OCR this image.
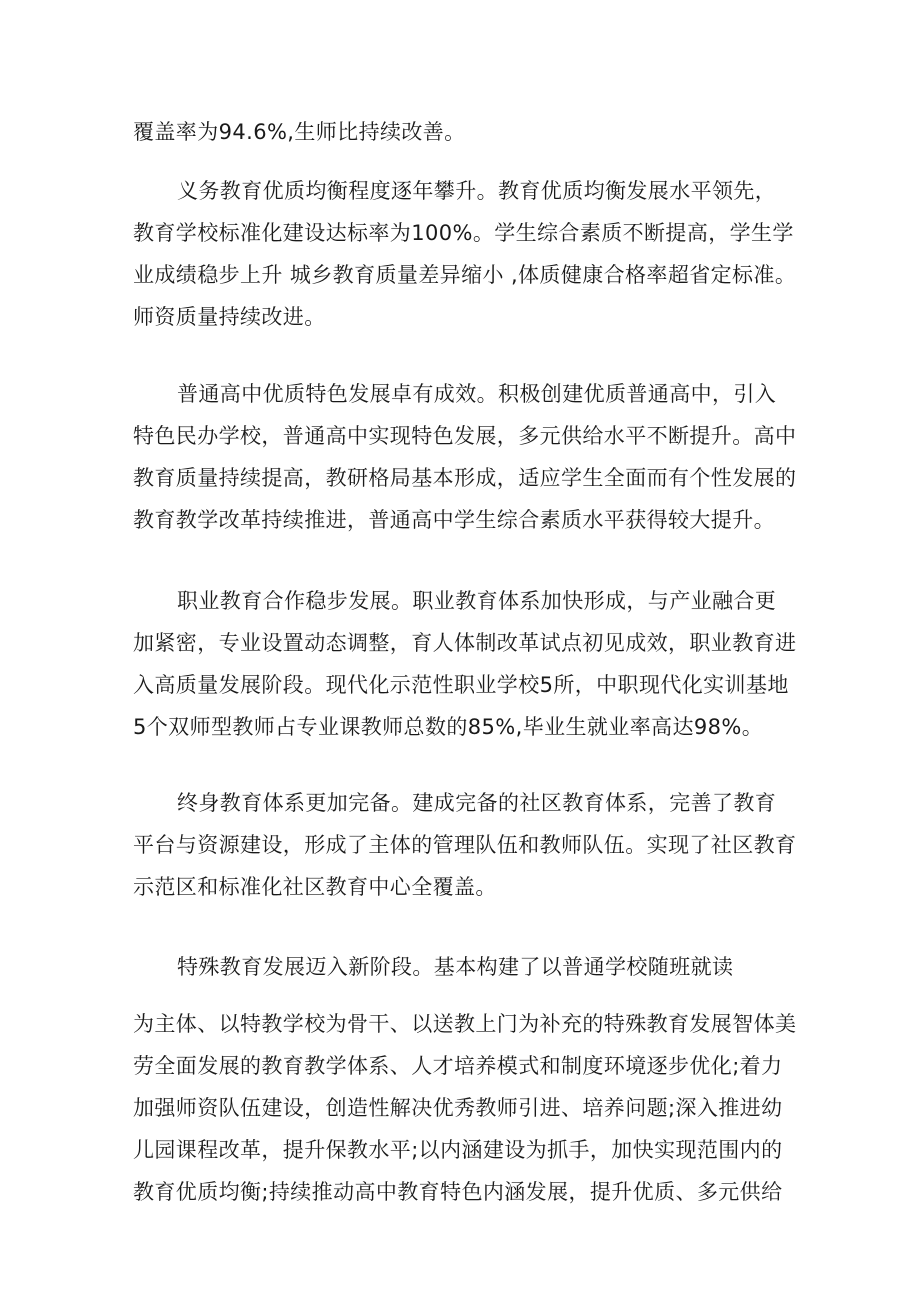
覆盖率为94.6%,生师比持续改善。

义务教育优质均衡程度逐年攀升。教育优质均衡发展水平领先，
教育学校标准化建设达标率为100%。学生综合素质不断提高，学生学
业成绩稳步上升 城乡教育质量差异缩小 ,体质健康合格率超省定标准。
师资质量持续改进。

普通高中优质特色发展卓有成效。积极创建优质普通高中，引入
特色民办学校，普通高中实现特色发展，多元供给水平不断提升。高中
教育质量持续提高，教研格局基本形成，适应学生全面而有个性发展的
教育教学改革持续推进，普通高中学生综合素质水平获得较大提升。

职业教育合作稳步发展。职业教育体系加快形成，与产业融合更
加紧密，专业设置动态调整，育人体制改革试点初见成效，职业教育进
入高质量发展阶段。现代化示范性职业学校5所，中职现代化实训基地
5个双师型教师占专业课教师总数的85%,毕业生就业率高达98%。

终身教育体系更加完备。建成完备的社区教育体系，完善了教育
平台与资源建设，形成了主体的管理队伍和教师队伍。实现了社区教育
示范区和标准化社区教育中心全覆盖。

特殊教育发展迈入新阶段。基本构建了以普通学校随班就读

为主体、以特教学校为骨干、以送教上门为补充的特殊教育发展智体美
劳全面发展的教育教学体系、人才培养模式和制度环境逐步优化;着力
加强师资队伍建设，创造性解决优秀教师引进、培养问题;深入推进幼
儿园课程改革，提升保教水平;以内涵建设为抓手，加快实现范围内的
教育优质均衡;持续推动高中教育特色内涵发展，提升优质、多元供给
